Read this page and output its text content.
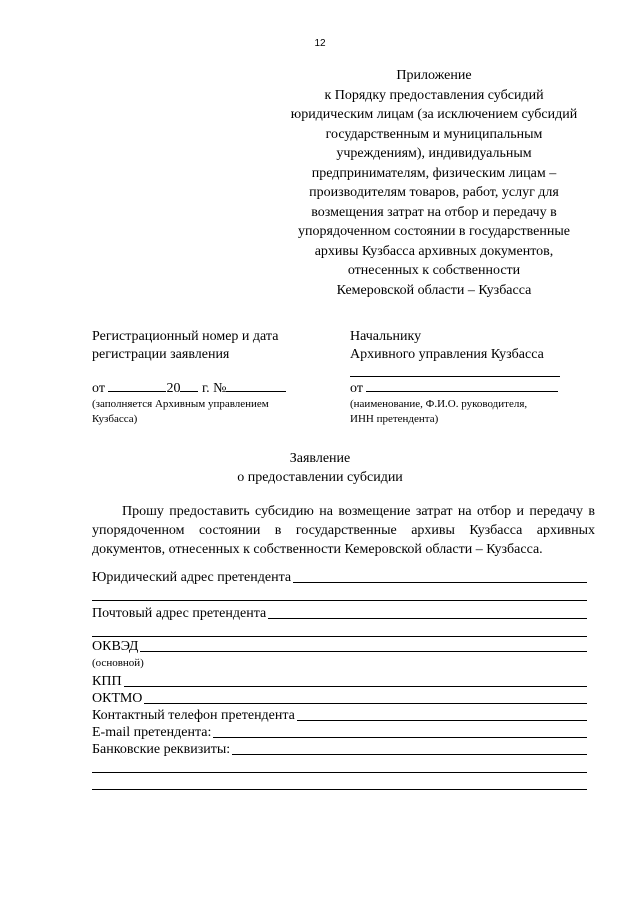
12
Приложение
к Порядку предоставления субсидий
юридическим лицам (за исключением субсидий
государственным и муниципальным
учреждениям), индивидуальным
предпринимателям, физическим лицам –
производителям товаров, работ, услуг для
возмещения затрат на отбор и передачу в
упорядоченном состоянии в государственные
архивы Кузбасса архивных документов,
отнесенных к собственности
Кемеровской области – Кузбасса
Регистрационный номер и дата
регистрации заявления
от	20 г. №
(заполняется Архивным управлением
Кузбасса)
Начальнику
Архивного управления Кузбасса
от
(наименование, Ф.И.О. руководителя,
ИНН претендента)
Заявление
о предоставлении субсидии
Прошу предоставить субсидию на возмещение затрат на отбор и передачу в упорядоченном состоянии в государственные архивы Кузбасса архивных документов, отнесенных к собственности Кемеровской области – Кузбасса.
Юридический адрес претендента
Почтовый адрес претендента
ОКВЭД
(основной)
КПП
ОКТМО
Контактный телефон претендента
E-mail претендента:
Банковские реквизиты:
